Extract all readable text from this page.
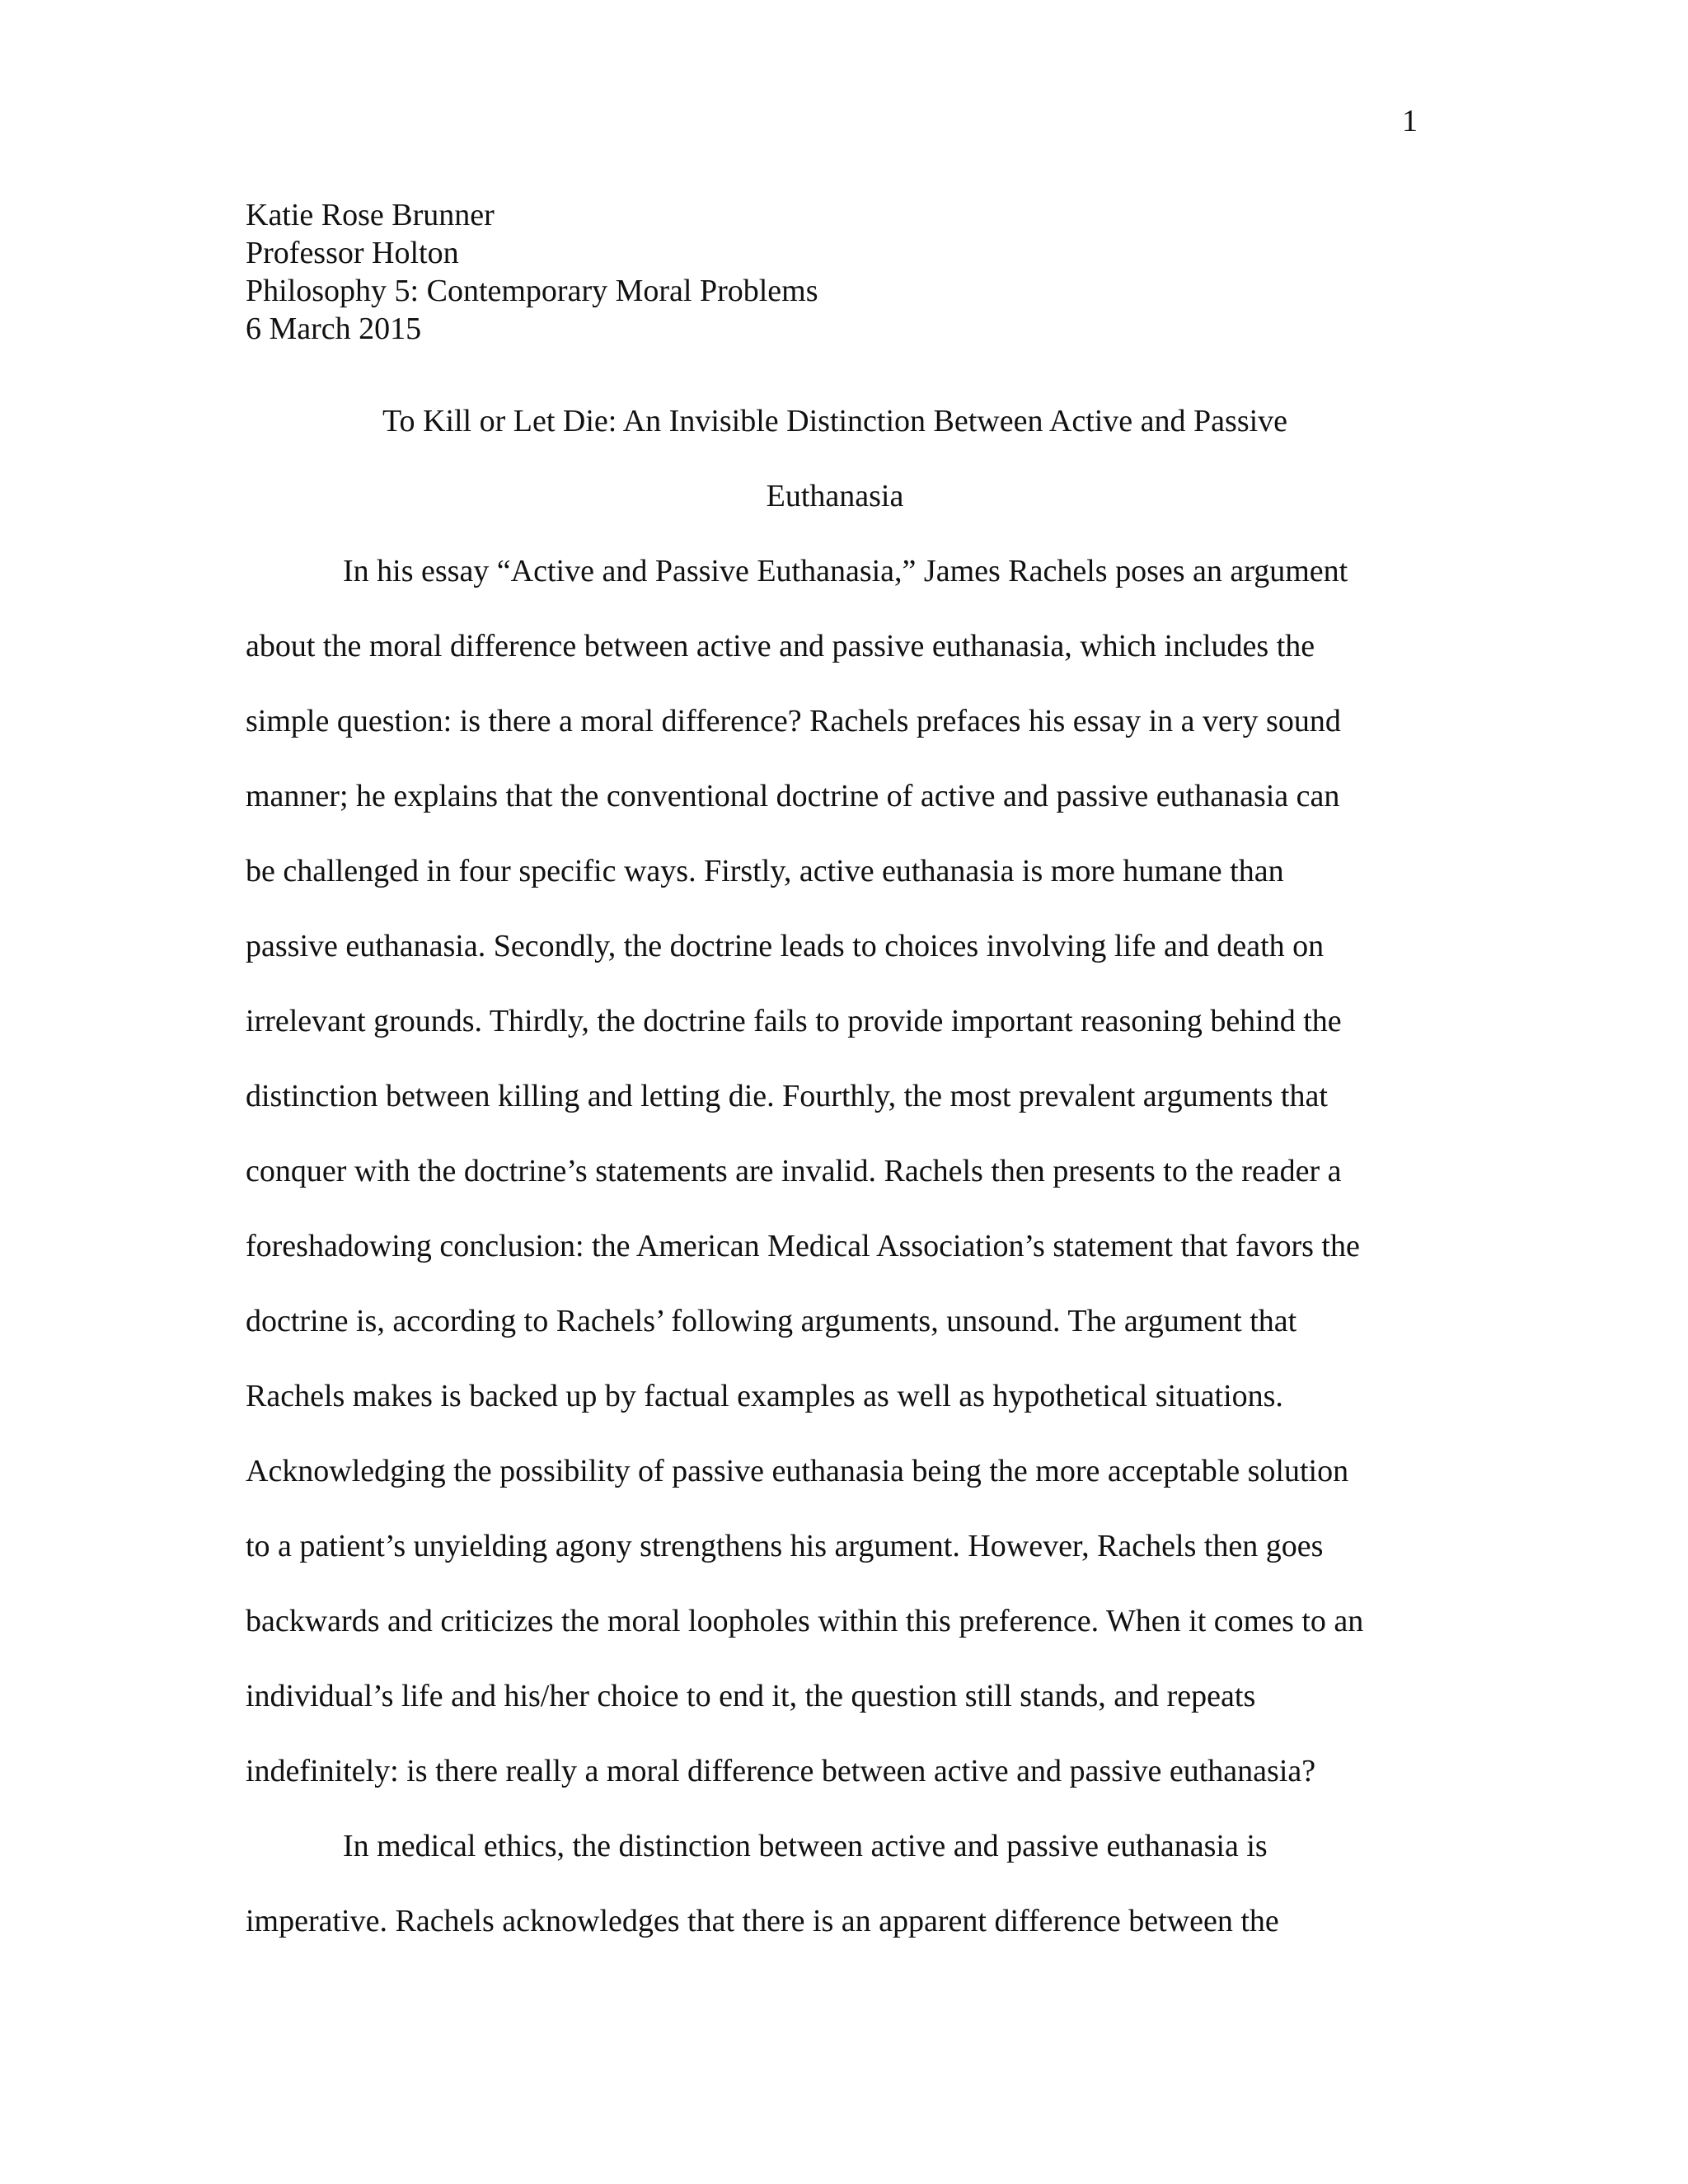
1
Katie Rose Brunner
Professor Holton
Philosophy 5: Contemporary Moral Problems
6 March 2015
To Kill or Let Die: An Invisible Distinction Between Active and Passive
Euthanasia
In his essay “Active and Passive Euthanasia,” James Rachels poses an argument
about the moral difference between active and passive euthanasia, which includes the
simple question: is there a moral difference? Rachels prefaces his essay in a very sound
manner; he explains that the conventional doctrine of active and passive euthanasia can
be challenged in four specific ways. Firstly, active euthanasia is more humane than
passive euthanasia. Secondly, the doctrine leads to choices involving life and death on
irrelevant grounds. Thirdly, the doctrine fails to provide important reasoning behind the
distinction between killing and letting die. Fourthly, the most prevalent arguments that
conquer with the doctrine’s statements are invalid. Rachels then presents to the reader a
foreshadowing conclusion: the American Medical Association’s statement that favors the
doctrine is, according to Rachels’ following arguments, unsound. The argument that
Rachels makes is backed up by factual examples as well as hypothetical situations.
Acknowledging the possibility of passive euthanasia being the more acceptable solution
to a patient’s unyielding agony strengthens his argument. However, Rachels then goes
backwards and criticizes the moral loopholes within this preference. When it comes to an
individual’s life and his/her choice to end it, the question still stands, and repeats
indefinitely: is there really a moral difference between active and passive euthanasia?
In medical ethics, the distinction between active and passive euthanasia is
imperative. Rachels acknowledges that there is an apparent difference between the
